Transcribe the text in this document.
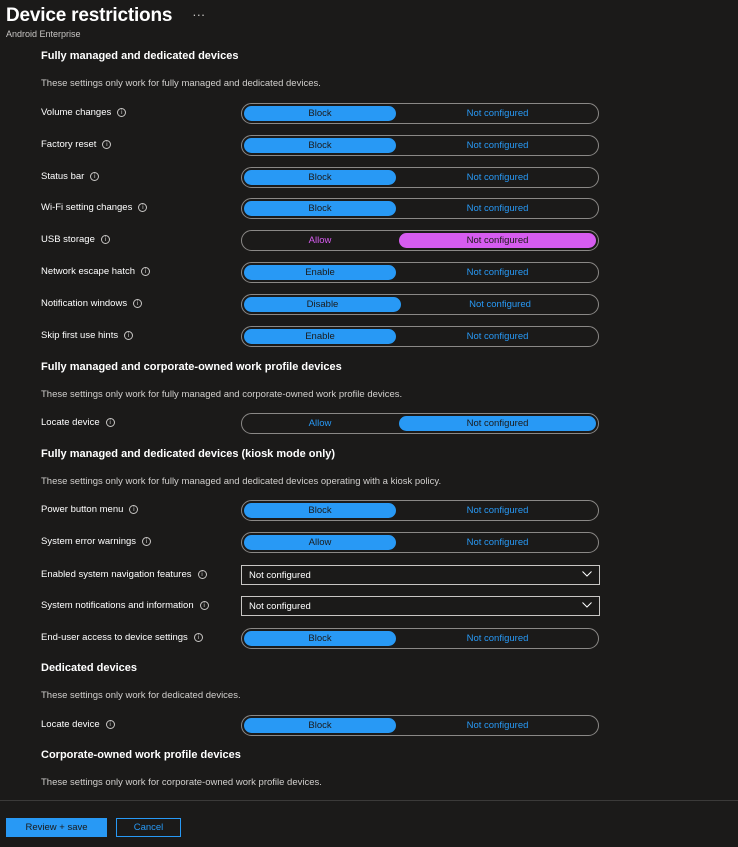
Device restrictions ···
Android Enterprise
Fully managed and dedicated devices
These settings only work for fully managed and dedicated devices.
Volume changes	i	Block	Not configured
Factory reset	i	Block	Not configured
Status bar	i	Block	Not configured
Wi-Fi setting changes	i	Block	Not configured
USB storage	i	Allow	Not configured
Network escape hatch	i	Enable	Not configured
Notification windows	i	Disable	Not configured
Skip first use hints	i	Enable	Not configured
Fully managed and corporate-owned work profile devices
These settings only work for fully managed and corporate-owned work profile devices.
Locate device	i	Allow	Not configured
Fully managed and dedicated devices (kiosk mode only)
These settings only work for fully managed and dedicated devices operating with a kiosk policy.
Power button menu	i	Block	Not configured
System error warnings	i	Allow	Not configured
Enabled system navigation features	i	Not configured
System notifications and information	i	Not configured
End-user access to device settings	i	Block	Not configured
Dedicated devices
These settings only work for dedicated devices.
Locate device	i	Block	Not configured
Corporate-owned work profile devices
These settings only work for corporate-owned work profile devices.
Review + save	Cancel
